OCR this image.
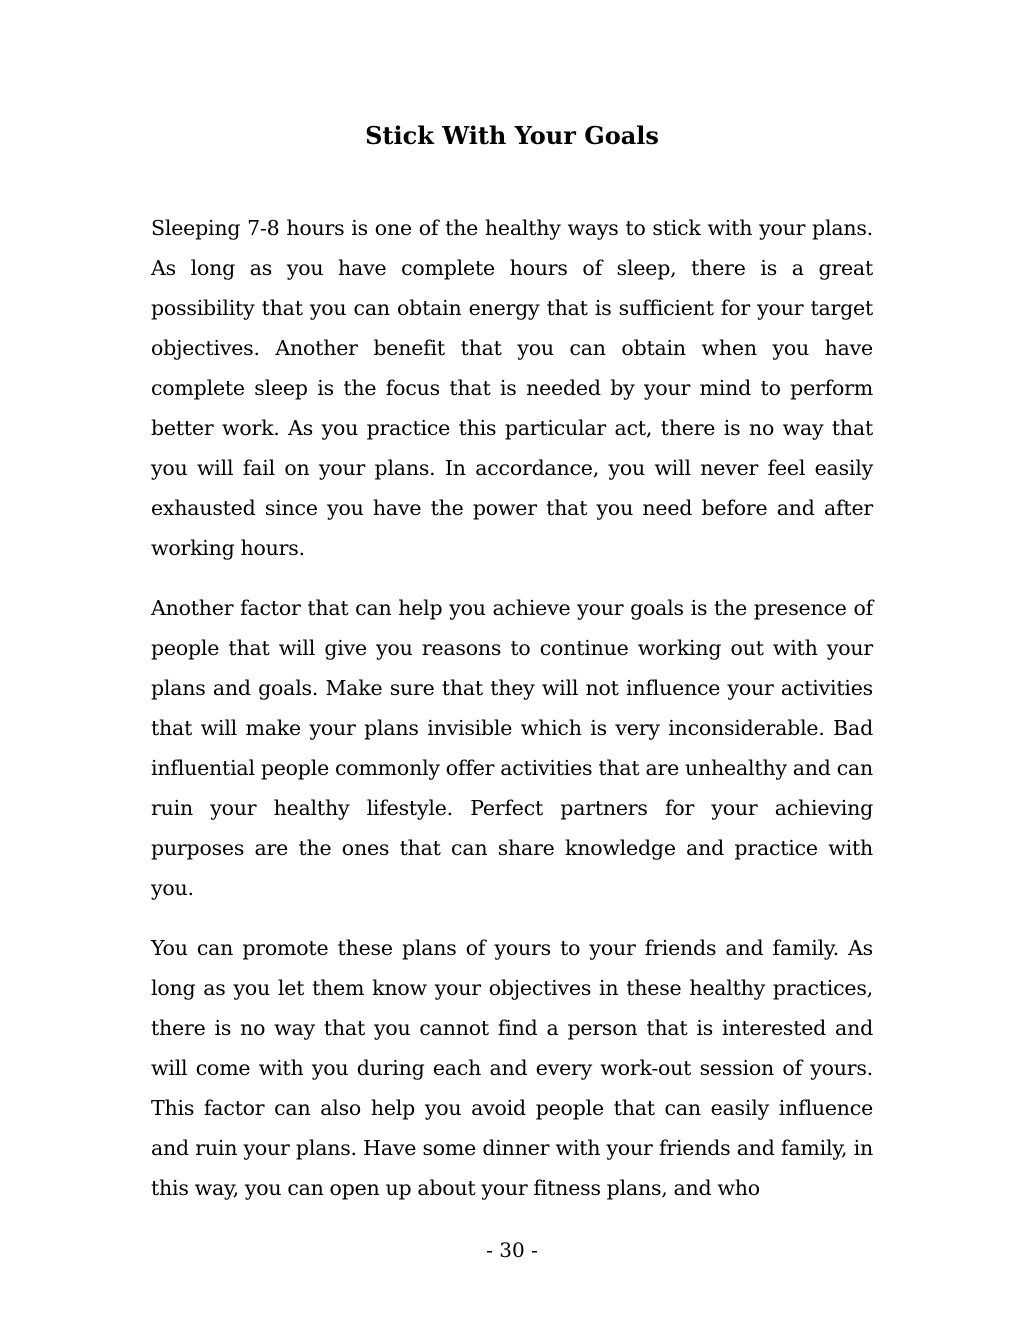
Stick With Your Goals

Sleeping 7-8 hours is one of the healthy ways to stick with your plans. As long as you have complete hours of sleep, there is a great possibility that you can obtain energy that is sufficient for your target objectives. Another benefit that you can obtain when you have complete sleep is the focus that is needed by your mind to perform better work. As you practice this particular act, there is no way that you will fail on your plans. In accordance, you will never feel easily exhausted since you have the power that you need before and after working hours.

Another factor that can help you achieve your goals is the presence of people that will give you reasons to continue working out with your plans and goals. Make sure that they will not influence your activities that will make your plans invisible which is very inconsiderable. Bad influential people commonly offer activities that are unhealthy and can ruin your healthy lifestyle. Perfect partners for your achieving purposes are the ones that can share knowledge and practice with you.

You can promote these plans of yours to your friends and family. As long as you let them know your objectives in these healthy practices, there is no way that you cannot find a person that is interested and will come with you during each and every work-out session of yours. This factor can also help you avoid people that can easily influence and ruin your plans. Have some dinner with your friends and family, in this way, you can open up about your fitness plans, and who

- 30 -
